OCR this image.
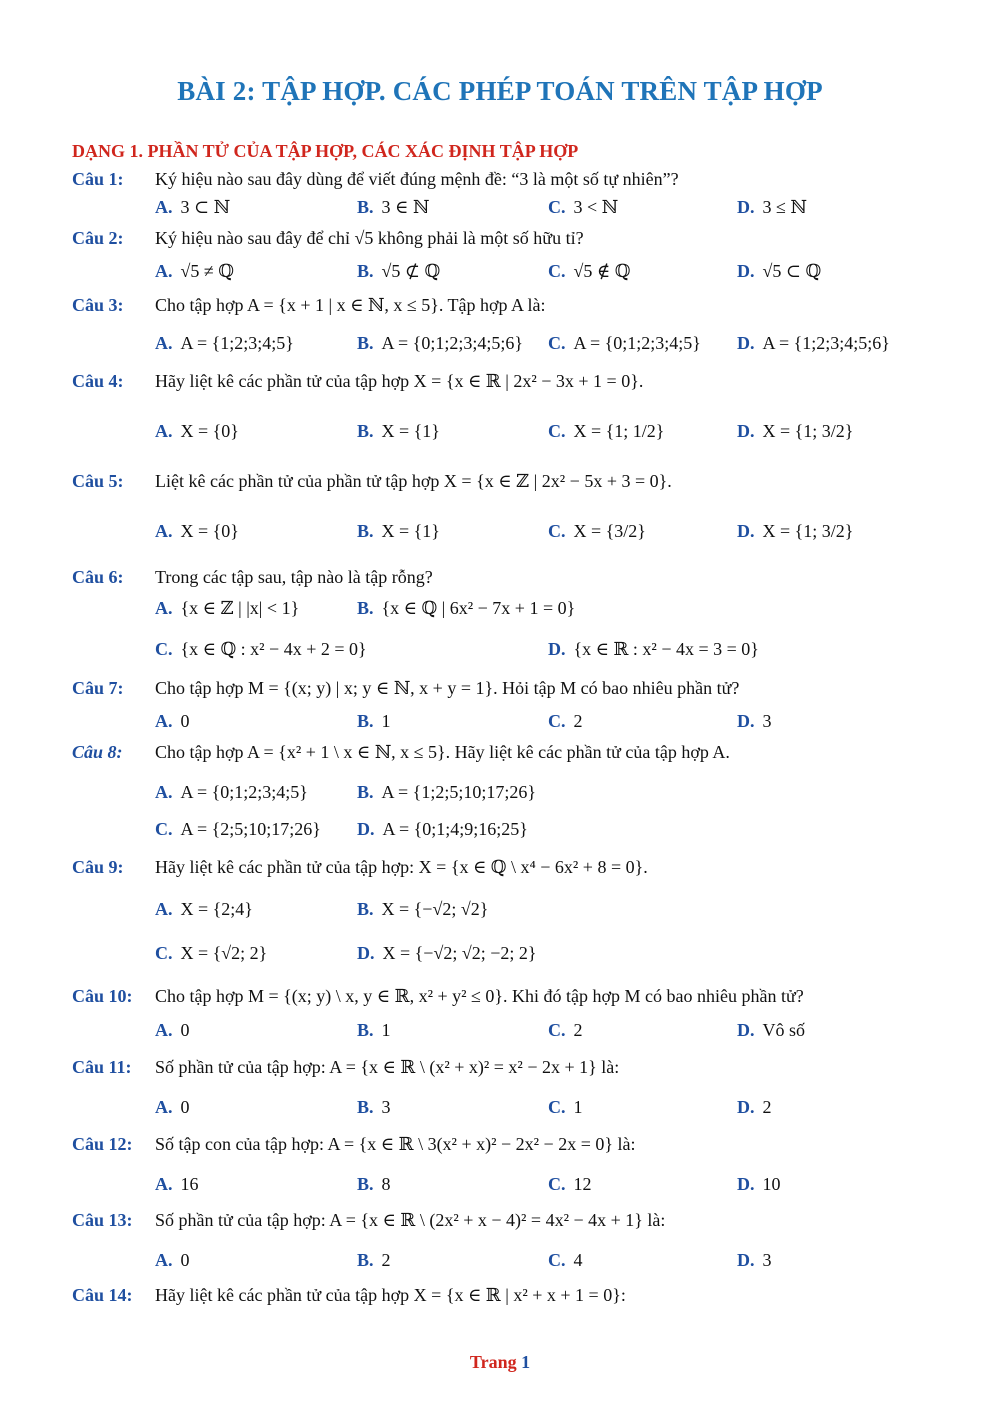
BÀI 2: TẬP HỢP. CÁC PHÉP TOÁN TRÊN TẬP HỢP
DẠNG 1. PHẦN TỬ CỦA TẬP HỢP, CÁC XÁC ĐỊNH TẬP HỢP
Câu 1: Ký hiệu nào sau đây dùng để viết đúng mệnh đề: “3 là một số tự nhiên”?
A. 3 ⊂ ℕ	B. 3 ∈ ℕ	C. 3 < ℕ	D. 3 ≤ ℕ
Câu 2: Ký hiệu nào sau đây để chỉ √5 không phải là một số hữu tỉ?
A. √5 ≠ ℚ	B. √5 ⊄ ℚ	C. √5 ∉ ℚ	D. √5 ⊂ ℚ
Câu 3: Cho tập hợp A = {x + 1 | x ∈ ℕ, x ≤ 5}. Tập hợp A là:
A. A = {1;2;3;4;5}	B. A = {0;1;2;3;4;5;6} C. A = {0;1;2;3;4;5} D. A = {1;2;3;4;5;6}
Câu 4: Hãy liệt kê các phần tử của tập hợp X = {x ∈ ℝ | 2x² − 3x + 1 = 0}.
A. X = {0}	B. X = {1}	C. X = {1; 1/2}	D. X = {1; 3/2}
Câu 5: Liệt kê các phần tử của phần tử tập hợp X = {x ∈ ℤ | 2x² − 5x + 3 = 0}.
A. X = {0}	B. X = {1}	C. X = {3/2}	D. X = {1; 3/2}
Câu 6: Trong các tập sau, tập nào là tập rỗng?
A. {x ∈ ℤ | |x| < 1}	B. {x ∈ ℚ | 6x² − 7x + 1 = 0}
C. {x ∈ ℚ : x² − 4x + 2 = 0}	D. {x ∈ ℝ : x² − 4x = 3 = 0}
Câu 7: Cho tập hợp M = {(x; y) | x; y ∈ ℕ, x + y = 1}. Hỏi tập M có bao nhiêu phần tử?
A. 0	B. 1	C. 2	D. 3
Câu 8: Cho tập hợp A = {x² + 1 \ x ∈ ℕ, x ≤ 5}. Hãy liệt kê các phần tử của tập hợp A.
A. A = {0;1;2;3;4;5}	B. A = {1;2;5;10;17;26}
C. A = {2;5;10;17;26} D. A = {0;1;4;9;16;25}
Câu 9: Hãy liệt kê các phần tử của tập hợp: X = {x ∈ ℚ \ x⁴ − 6x² + 8 = 0}.
A. X = {2;4}	B. X = {−√2; √2}
C. X = {√2; 2}	D. X = {−√2; √2; −2; 2}
Câu 10: Cho tập hợp M = {(x; y) \ x, y ∈ ℝ, x² + y² ≤ 0}. Khi đó tập hợp M có bao nhiêu phần tử?
A. 0	B. 1	C. 2	D. Vô số
Câu 11: Số phần tử của tập hợp: A = {x ∈ ℝ \ (x² + x)² = x² − 2x + 1} là:
A. 0	B. 3	C. 1	D. 2
Câu 12: Số tập con của tập hợp: A = {x ∈ ℝ \ 3(x² + x)² − 2x² − 2x = 0} là:
A. 16	B. 8	C. 12	D. 10
Câu 13: Số phần tử của tập hợp: A = {x ∈ ℝ \ (2x² + x − 4)² = 4x² − 4x + 1} là:
A. 0	B. 2	C. 4	D. 3
Câu 14: Hãy liệt kê các phần tử của tập hợp X = {x ∈ ℝ | x² + x + 1 = 0}:
Trang 1
